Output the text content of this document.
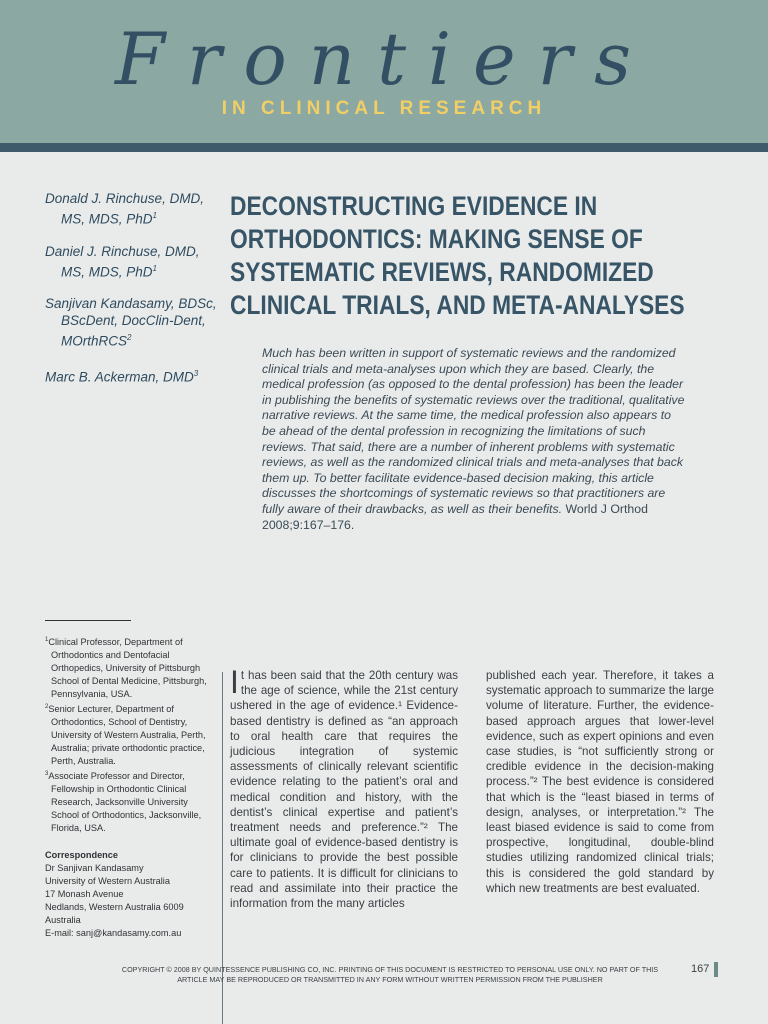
Frontiers
IN CLINICAL RESEARCH
Donald J. Rinchuse, DMD, MS, MDS, PhD$^1$
Daniel J. Rinchuse, DMD, MS, MDS, PhD$^1$
Sanjivan Kandasamy, BDSc, BScDent, DocClin-Dent, MOrthRCS$^2$
Marc B. Ackerman, DMD$^3$
DECONSTRUCTING EVIDENCE IN ORTHODONTICS: MAKING SENSE OF SYSTEMATIC REVIEWS, RANDOMIZED CLINICAL TRIALS, AND META-ANALYSES
Much has been written in support of systematic reviews and the randomized clinical trials and meta-analyses upon which they are based. Clearly, the medical profession (as opposed to the dental profession) has been the leader in publishing the benefits of systematic reviews over the traditional, qualitative narrative reviews. At the same time, the medical profession also appears to be ahead of the dental profession in recognizing the limitations of such reviews. That said, there are a number of inherent problems with systematic reviews, as well as the randomized clinical trials and meta-analyses that back them up. To better facilitate evidence-based decision making, this article discusses the shortcomings of systematic reviews so that practitioners are fully aware of their drawbacks, as well as their benefits. World J Orthod 2008;9:167–176.
$^1$Clinical Professor, Department of Orthodontics and Dentofacial Orthopedics, University of Pittsburgh School of Dental Medicine, Pittsburgh, Pennsylvania, USA.
$^2$Senior Lecturer, Department of Orthodontics, School of Dentistry, University of Western Australia, Perth, Australia; private orthodontic practice, Perth, Australia.
$^3$Associate Professor and Director, Fellowship in Orthodontic Clinical Research, Jacksonville University School of Orthodontics, Jacksonville, Florida, USA.
Correspondence
Dr Sanjivan Kandasamy
University of Western Australia
17 Monash Avenue
Nedlands, Western Australia 6009
Australia
E-mail: sanj@kandasamy.com.au
It has been said that the 20th century was the age of science, while the 21st century ushered in the age of evidence.¹ Evidence-based dentistry is defined as “an approach to oral health care that requires the judicious integration of systemic assessments of clinically relevant scientific evidence relating to the patient’s oral and medical condition and history, with the dentist’s clinical expertise and patient’s treatment needs and preference.”² The ultimate goal of evidence-based dentistry is for clinicians to provide the best possible care to patients. It is difficult for clinicians to read and assimilate into their practice the information from the many articles
published each year. Therefore, it takes a systematic approach to summarize the large volume of literature. Further, the evidence-based approach argues that lower-level evidence, such as expert opinions and even case studies, is “not sufficiently strong or credible evidence in the decision-making process.”² The best evidence is considered that which is the “least biased in terms of design, analyses, or interpretation.”² The least biased evidence is said to come from prospective, longitudinal, double-blind studies utilizing randomized clinical trials; this is considered the gold standard by which new treatments are best evaluated.
COPYRIGHT © 2008 BY QUINTESSENCE PUBLISHING CO, INC. PRINTING OF THIS DOCUMENT IS RESTRICTED TO PERSONAL USE ONLY. NO PART OF THIS ARTICLE MAY BE REPRODUCED OR TRANSMITTED IN ANY FORM WITHOUT WRITTEN PERMISSION FROM THE PUBLISHER
167
